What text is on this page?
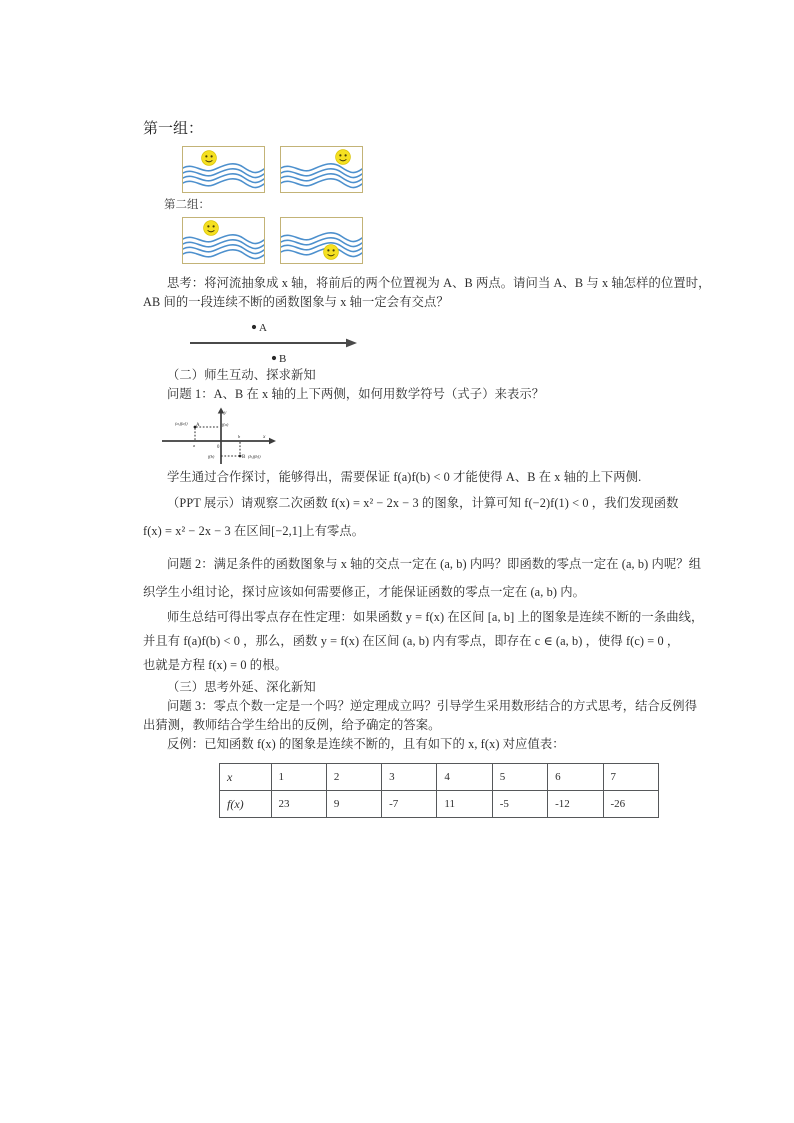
第一组：
第二组：
思考：将河流抽象成 x 轴，将前后的两个位置视为 A、B 两点。请问当 A、B 与 x 轴怎样的位置时，
AB 间的一段连续不断的函数图象与 x 轴一定会有交点？
A
B
（二）师生互动、探求新知
问题 1：A、B 在 x 轴的上下两侧，如何用数学符号（式子）来表示？
y
x
0
(a,f(a)) A	f(a)
a
B (b,f(b))
f(b)
b
学生通过合作探讨，能够得出，需要保证 f(a)f(b) < 0 才能使得 A、B 在 x 轴的上下两侧.
（PPT 展示）请观察二次函数 f(x) = x² − 2x − 3 的图象，计算可知 f(−2)f(1) < 0 ，我们发现函数
f(x) = x² − 2x − 3 在区间[−2,1]上有零点。
问题 2：满足条件的函数图象与 x 轴的交点一定在 (a, b) 内吗？即函数的零点一定在 (a, b) 内呢？组
织学生小组讨论，探讨应该如何需要修正，才能保证函数的零点一定在 (a, b) 内。
师生总结可得出零点存在性定理：如果函数 y = f(x) 在区间 [a, b] 上的图象是连续不断的一条曲线，
并且有 f(a)f(b) < 0 ，那么，函数 y = f(x) 在区间 (a, b) 内有零点，即存在 c ∈ (a, b) ，使得 f(c) = 0 ，
也就是方程 f(x) = 0 的根。
（三）思考外延、深化新知
问题 3：零点个数一定是一个吗？逆定理成立吗？引导学生采用数形结合的方式思考，结合反例得
出猜测，教师结合学生给出的反例，给予确定的答案。
反例：已知函数 f(x) 的图象是连续不断的，且有如下的 x, f(x) 对应值表：
x	1	2	3	4	5	6	7
f(x)	23	9	-7	11	-5	-12	-26
